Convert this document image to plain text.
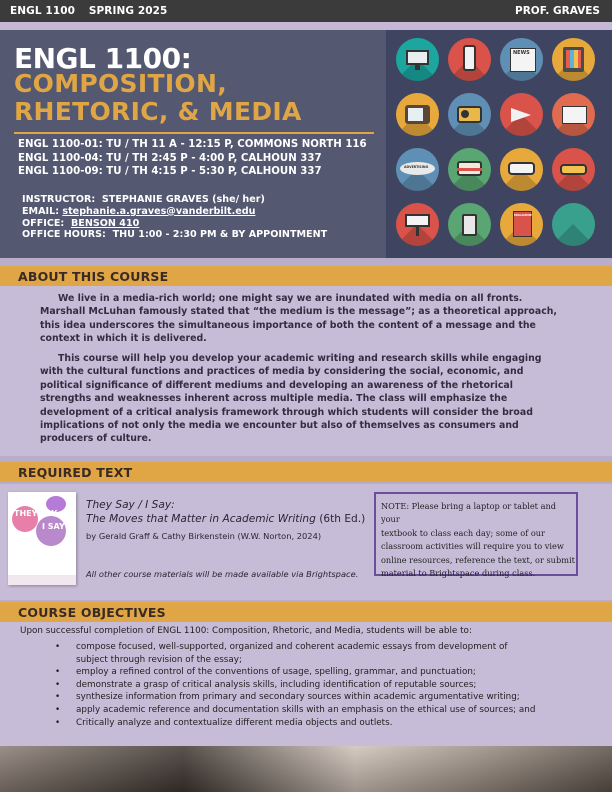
ENGL 1100 SPRING 2025	PROF. GRAVES
ENGL 1100:
COMPOSITION,
RHETORIC, & MEDIA
ENGL 1100-01: TU / TH 11 A - 12:15 P, COMMONS NORTH 116
ENGL 1100-04: TU / TH 2:45 P - 4:00 P, CALHOUN 337
ENGL 1100-09: TU / TH 4:15 P - 5:30 P, CALHOUN 337
INSTRUCTOR: STEPHANIE GRAVES (she/ her)
EMAIL: stephanie.a.graves@vanderbilt.edu
OFFICE: BENSON 410
OFFICE HOURS: THU 1:00 - 2:30 PM & BY APPOINTMENT
NEWS
ADVERTISING
MAGAZINE
ABOUT THIS COURSE

We live in a media-rich world; one might say we are inundated with media on all fronts. Marshall McLuhan famously stated that “the medium is the message”; as a theoretical approach, this idea underscores the simultaneous importance of both the content of a message and the context in which it is delivered.

This course will help you develop your academic writing and research skills while engaging with the cultural functions and practices of media by considering the social, economic, and political significance of different mediums and developing an awareness of the rhetorical strengths and weaknesses inherent across multiple media. The class will emphasize the development of a critical analysis framework through which students will consider the broad implications of not only the media we encounter but also of themselves as consumers and producers of culture.

REQUIRED TEXT
THEY SAY
I SAY
They Say / I Say:
The Moves that Matter in Academic Writing (6th Ed.)
by Gerald Graff & Cathy Birkenstein (W.W. Norton, 2024)
All other course materials will be made available via Brightspace.
NOTE: Please bring a laptop or tablet and your
textbook to class each day; some of our
classroom activities will require you to view
online resources, reference the text, or submit
material to Brightspace during class.
COURSE OBJECTIVES
Upon successful completion of ENGL 1100: Composition, Rhetoric, and Media, students will be able to:
• compose focused, well-supported, organized and coherent academic essays from development of
subject through revision of the essay;
• employ a refined control of the conventions of usage, spelling, grammar, and punctuation;
• demonstrate a grasp of critical analysis skills, including identification of reputable sources;
• synthesize information from primary and secondary sources within academic argumentative writing;
• apply academic reference and documentation skills with an emphasis on the ethical use of sources; and
• Critically analyze and contextualize different media objects and outlets.
